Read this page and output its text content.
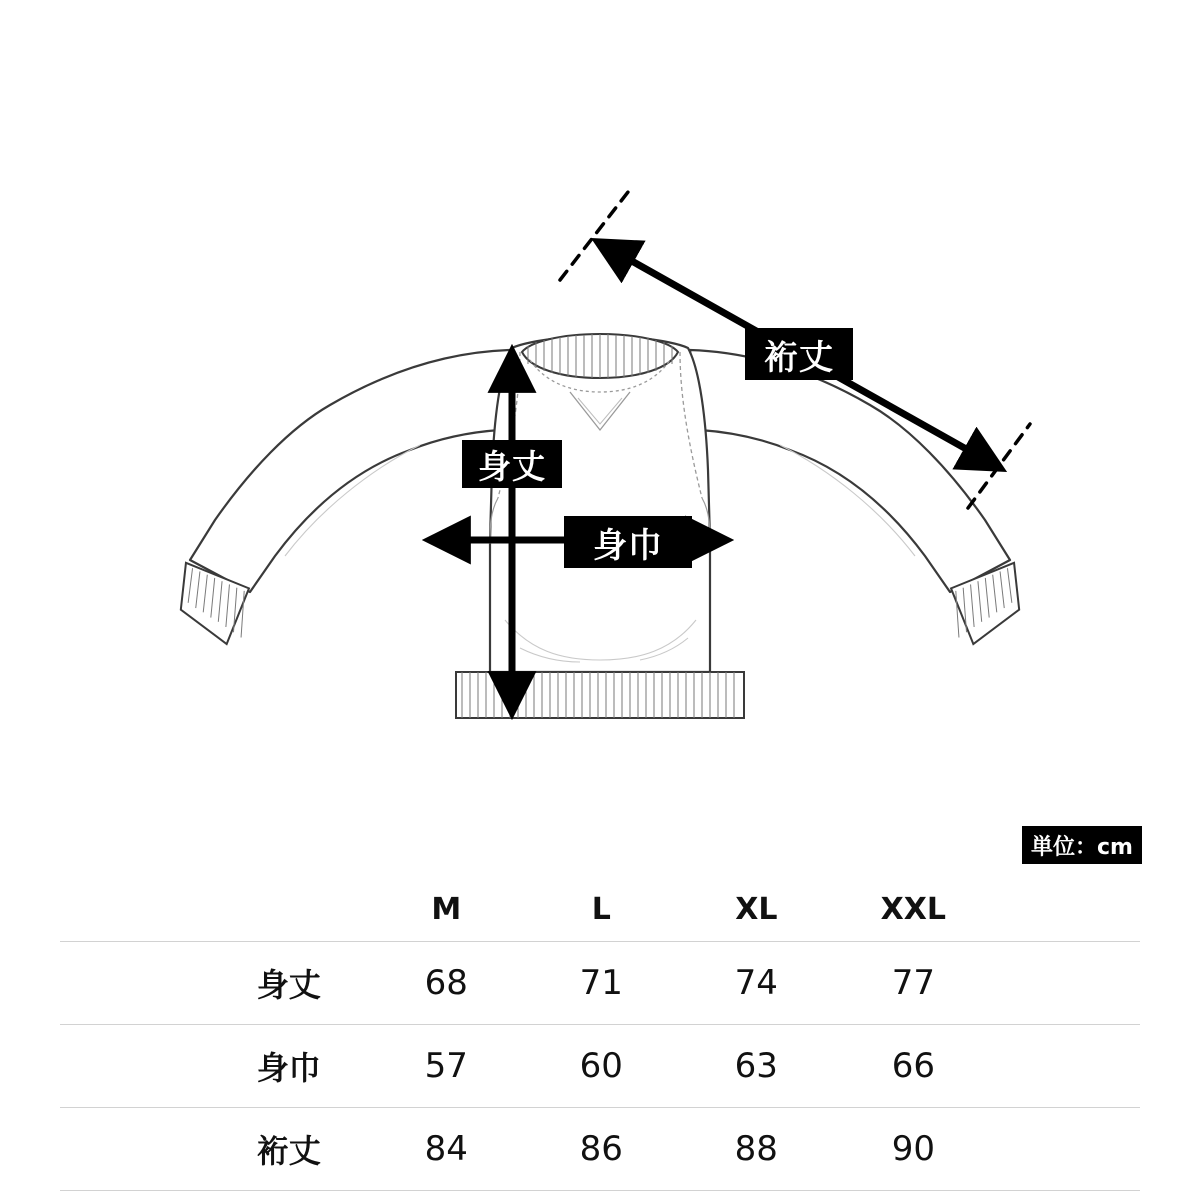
裄丈
身丈
身巾
単位：cm
	M	L	XL	XXL	
身丈	68	71	74	77	
身巾	57	60	63	66	
裄丈	84	86	88	90	
